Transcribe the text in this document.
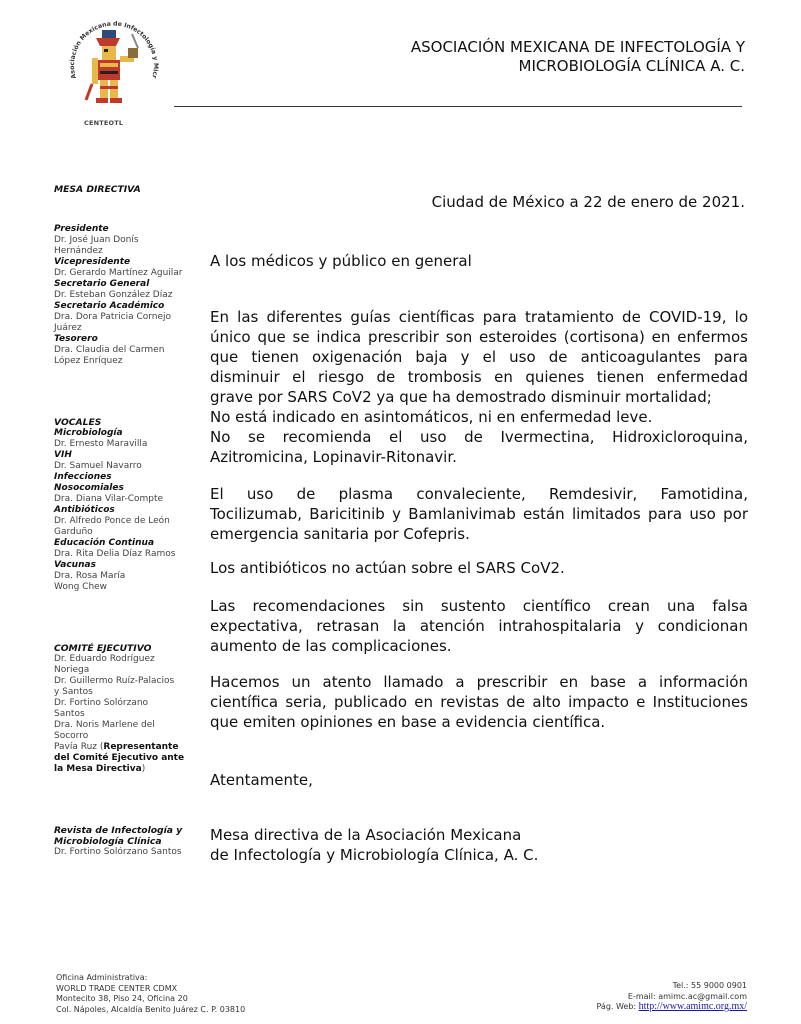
Asociación Mexicana de Infectología y Micr
CENTEOTL
ASOCIACIÓN MEXICANA DE INFECTOLOGÍA Y
MICROBIOLOGÍA CLÍNICA A. C.
MESA DIRECTIVA
Presidente
Dr. José Juan Donís
Hernández
Vicepresidente
Dr. Gerardo Martínez Aguilar
Secretario General
Dr. Esteban González Díaz
Secretario Académico
Dra. Dora Patricia Cornejo
Juárez
Tesorero
Dra. Claudia del Carmen
López Enríquez
VOCALES
Microbiología
Dr. Ernesto Maravilla
VIH
Dr. Samuel Navarro
Infecciones
Nosocomiales
Dra. Diana Vilar-Compte
Antibióticos
Dr. Alfredo Ponce de León
Garduño
Educación Continua
Dra. Rita Delia Díaz Ramos
Vacunas
Dra. Rosa María
Wong Chew
COMITÉ EJECUTIVO
Dr. Eduardo Rodríguez
Noriega
Dr. Guillermo Ruíz-Palacios
y Santos
Dr. Fortino Solórzano
Santos
Dra. Noris Marlene del
Socorro
Pavía Ruz (Representante
del Comité Ejecutivo ante
la Mesa Directiva)
Revista de Infectología y
Microbiología Clínica
Dr. Fortino Solórzano Santos
Ciudad de México a 22 de enero de 2021.
A los médicos y público en general
En las diferentes guías científicas para tratamiento de COVID-19, lo
único que se indica prescribir son esteroides (cortisona) en enfermos
que tienen oxigenación baja y el uso de anticoagulantes para
disminuir el riesgo de trombosis en quienes tienen enfermedad
grave por SARS CoV2 ya que ha demostrado disminuir mortalidad;
No está indicado en asintomáticos, ni en enfermedad leve.
No se recomienda el uso de Ivermectina, Hidroxicloroquina,
Azitromicina, Lopinavir-Ritonavir.
El uso de plasma convaleciente, Remdesivir, Famotidina,
Tocilizumab, Baricitinib y Bamlanivimab están limitados para uso por
emergencia sanitaria por Cofepris.
Los antibióticos no actúan sobre el SARS CoV2.
Las recomendaciones sin sustento científico crean una falsa
expectativa, retrasan la atención intrahospitalaria y condicionan
aumento de las complicaciones.
Hacemos un atento llamado a prescribir en base a información
científica seria, publicado en revistas de alto impacto e Instituciones
que emiten opiniones en base a evidencia científica.
Atentamente,
Mesa directiva de la Asociación Mexicana
de Infectología y Microbiología Clínica, A. C.
Oficina Administrativa:
WORLD TRADE CENTER CDMX
Montecito 38, Piso 24, Oficina 20
Col. Nápoles, Alcaldía Benito Juárez C. P. 03810
Tel.: 55 9000 0901
E-mail: amimc.ac@gmail.com
Pág. Web: http://www.amimc.org.mx/
